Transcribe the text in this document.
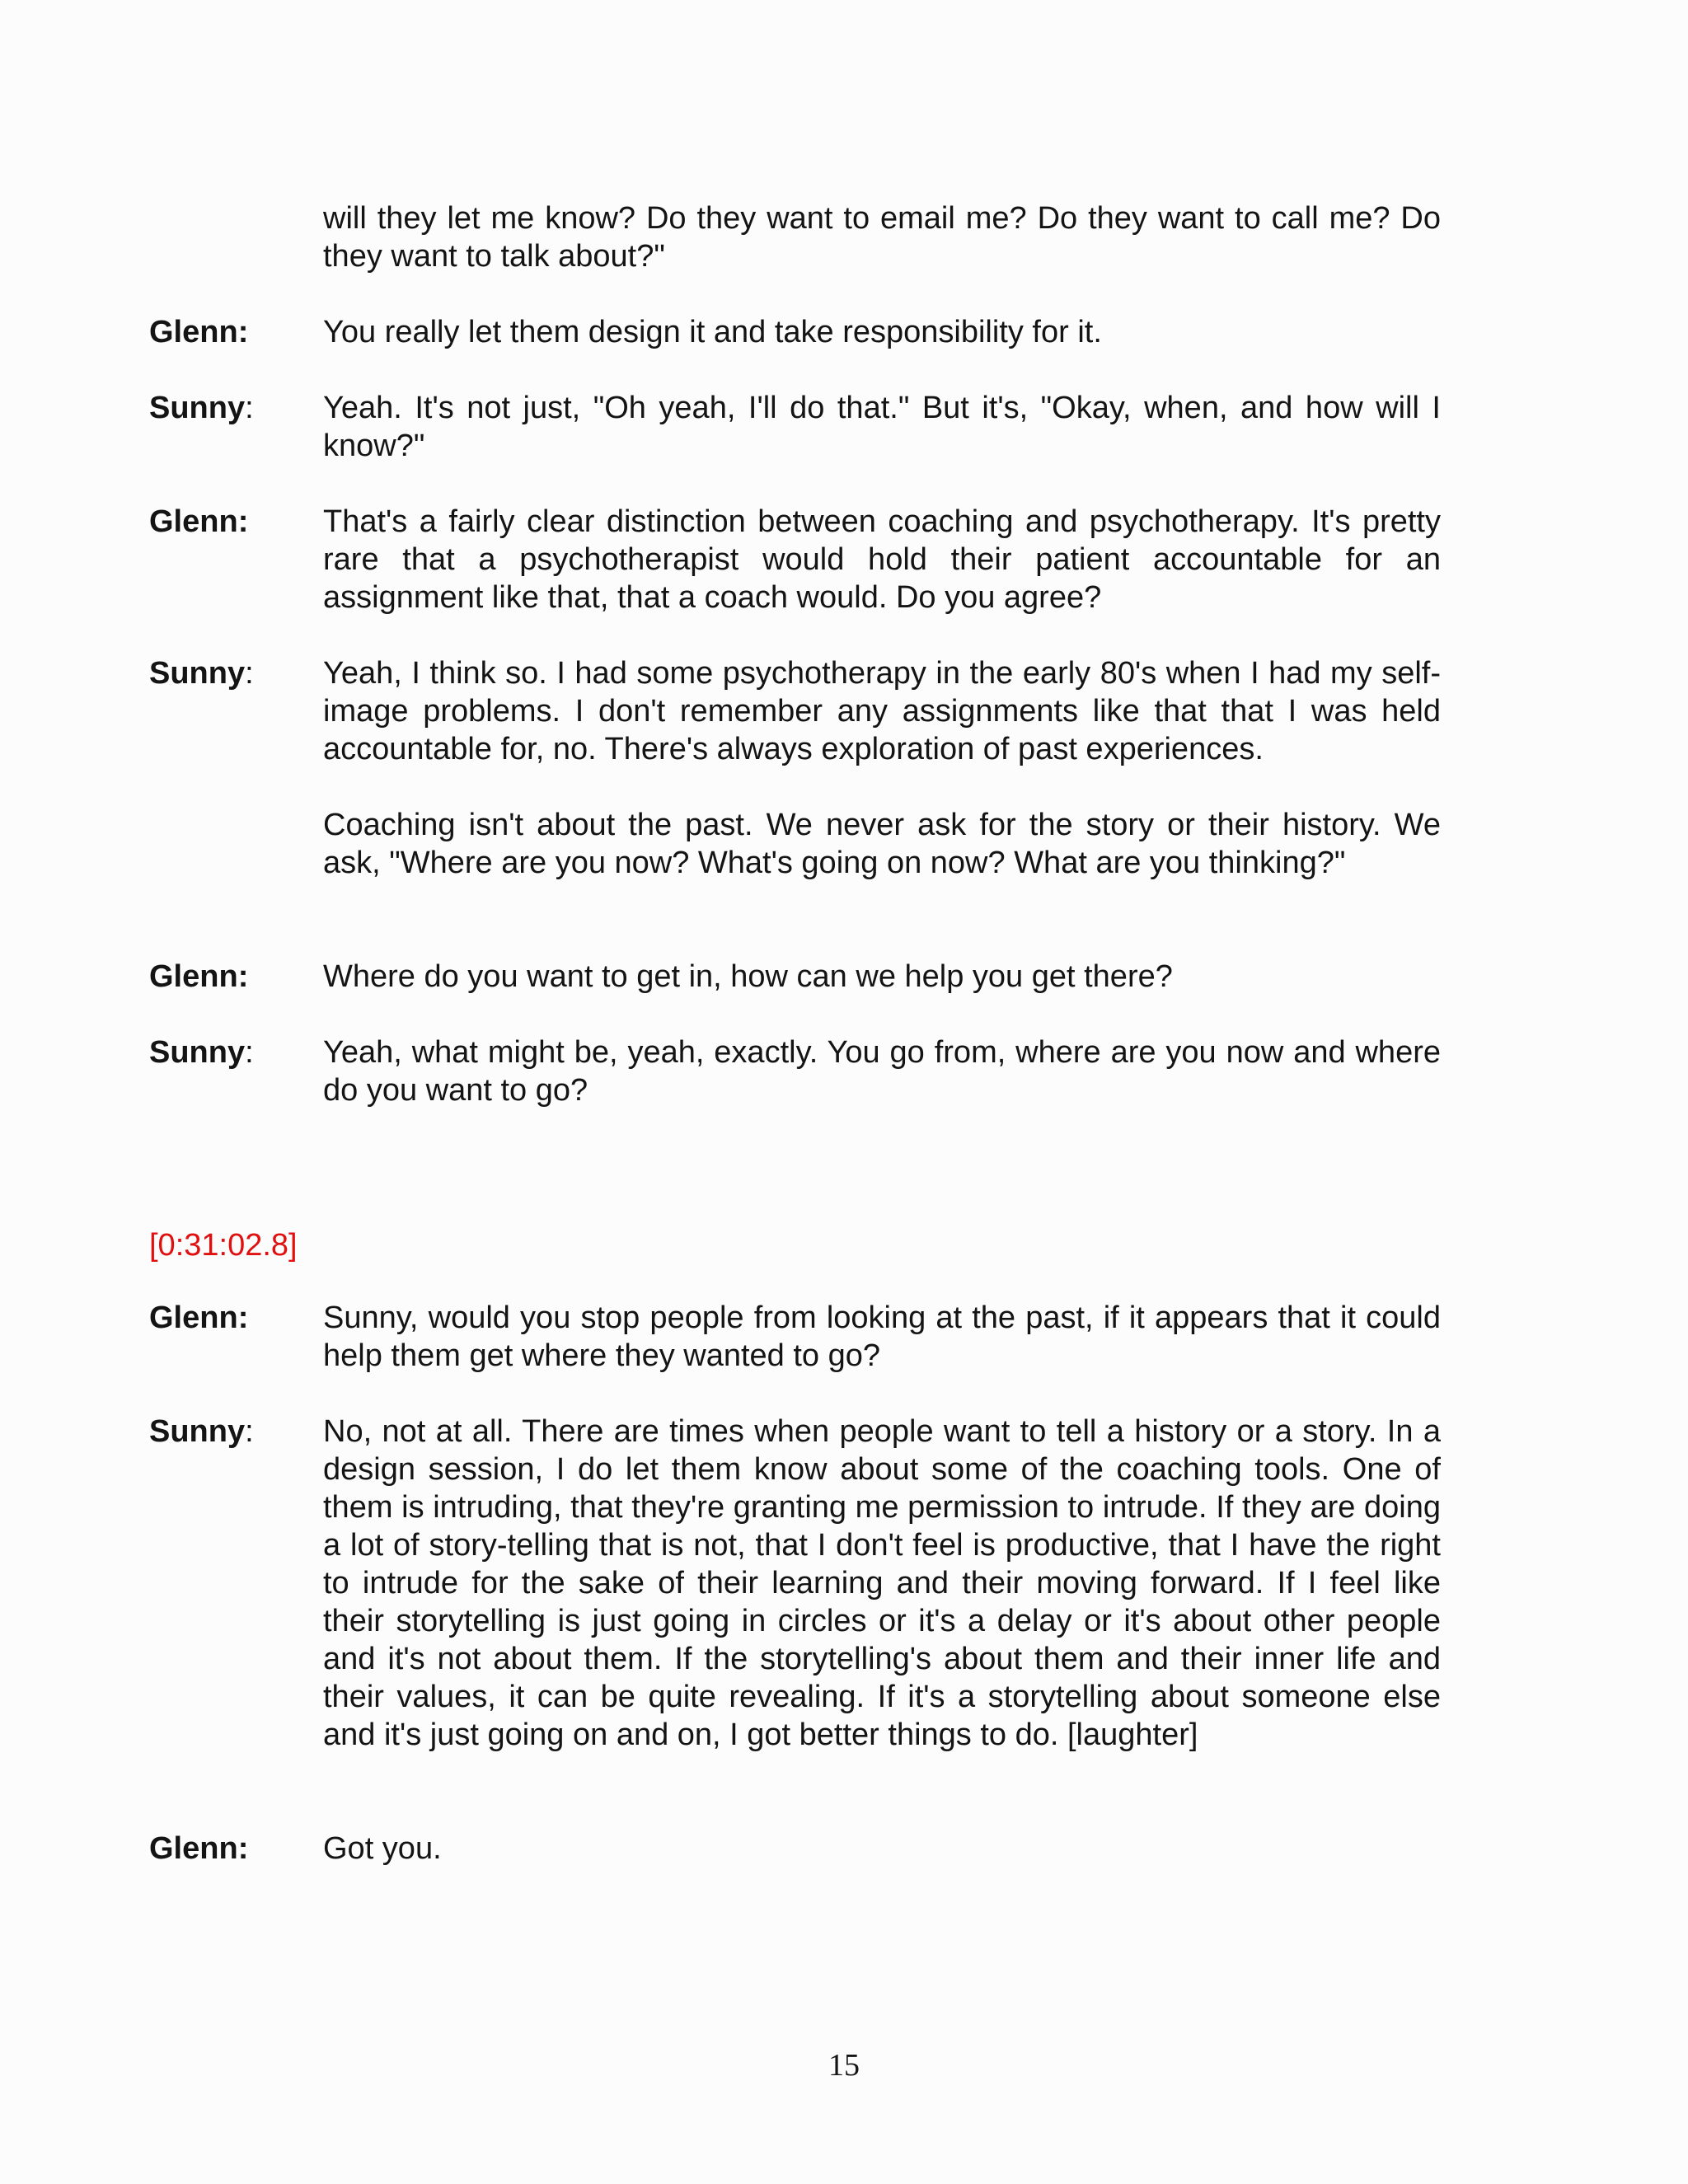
will they let me know? Do they want to email me? Do they want to call me? Do they want to talk about?"

Glenn: You really let them design it and take responsibility for it.

Sunny: Yeah. It's not just, "Oh yeah, I'll do that." But it's, "Okay, when, and how will I know?"

Glenn: That's a fairly clear distinction between coaching and psychotherapy. It's pretty rare that a psychotherapist would hold their patient accountable for an assignment like that, that a coach would. Do you agree?

Sunny: Yeah, I think so. I had some psychotherapy in the early 80's when I had my self-image problems. I don't remember any assignments like that that I was held accountable for, no. There's always exploration of past experiences.

Coaching isn't about the past. We never ask for the story or their history. We ask, "Where are you now? What's going on now? What are you thinking?"

Glenn: Where do you want to get in, how can we help you get there?

Sunny: Yeah, what might be, yeah, exactly. You go from, where are you now and where do you want to go?

[0:31:02.8]
Glenn: Sunny, would you stop people from looking at the past, if it appears that it could help them get where they wanted to go?

Sunny: No, not at all. There are times when people want to tell a history or a story. In a design session, I do let them know about some of the coaching tools. One of them is intruding, that they're granting me permission to intrude. If they are doing a lot of story-telling that is not, that I don't feel is productive, that I have the right to intrude for the sake of their learning and their moving forward. If I feel like their storytelling is just going in circles or it's a delay or it's about other people and it's not about them. If the storytelling's about them and their inner life and their values, it can be quite revealing. If it's a storytelling about someone else and it's just going on and on, I got better things to do. [laughter]

Glenn: Got you.

15
